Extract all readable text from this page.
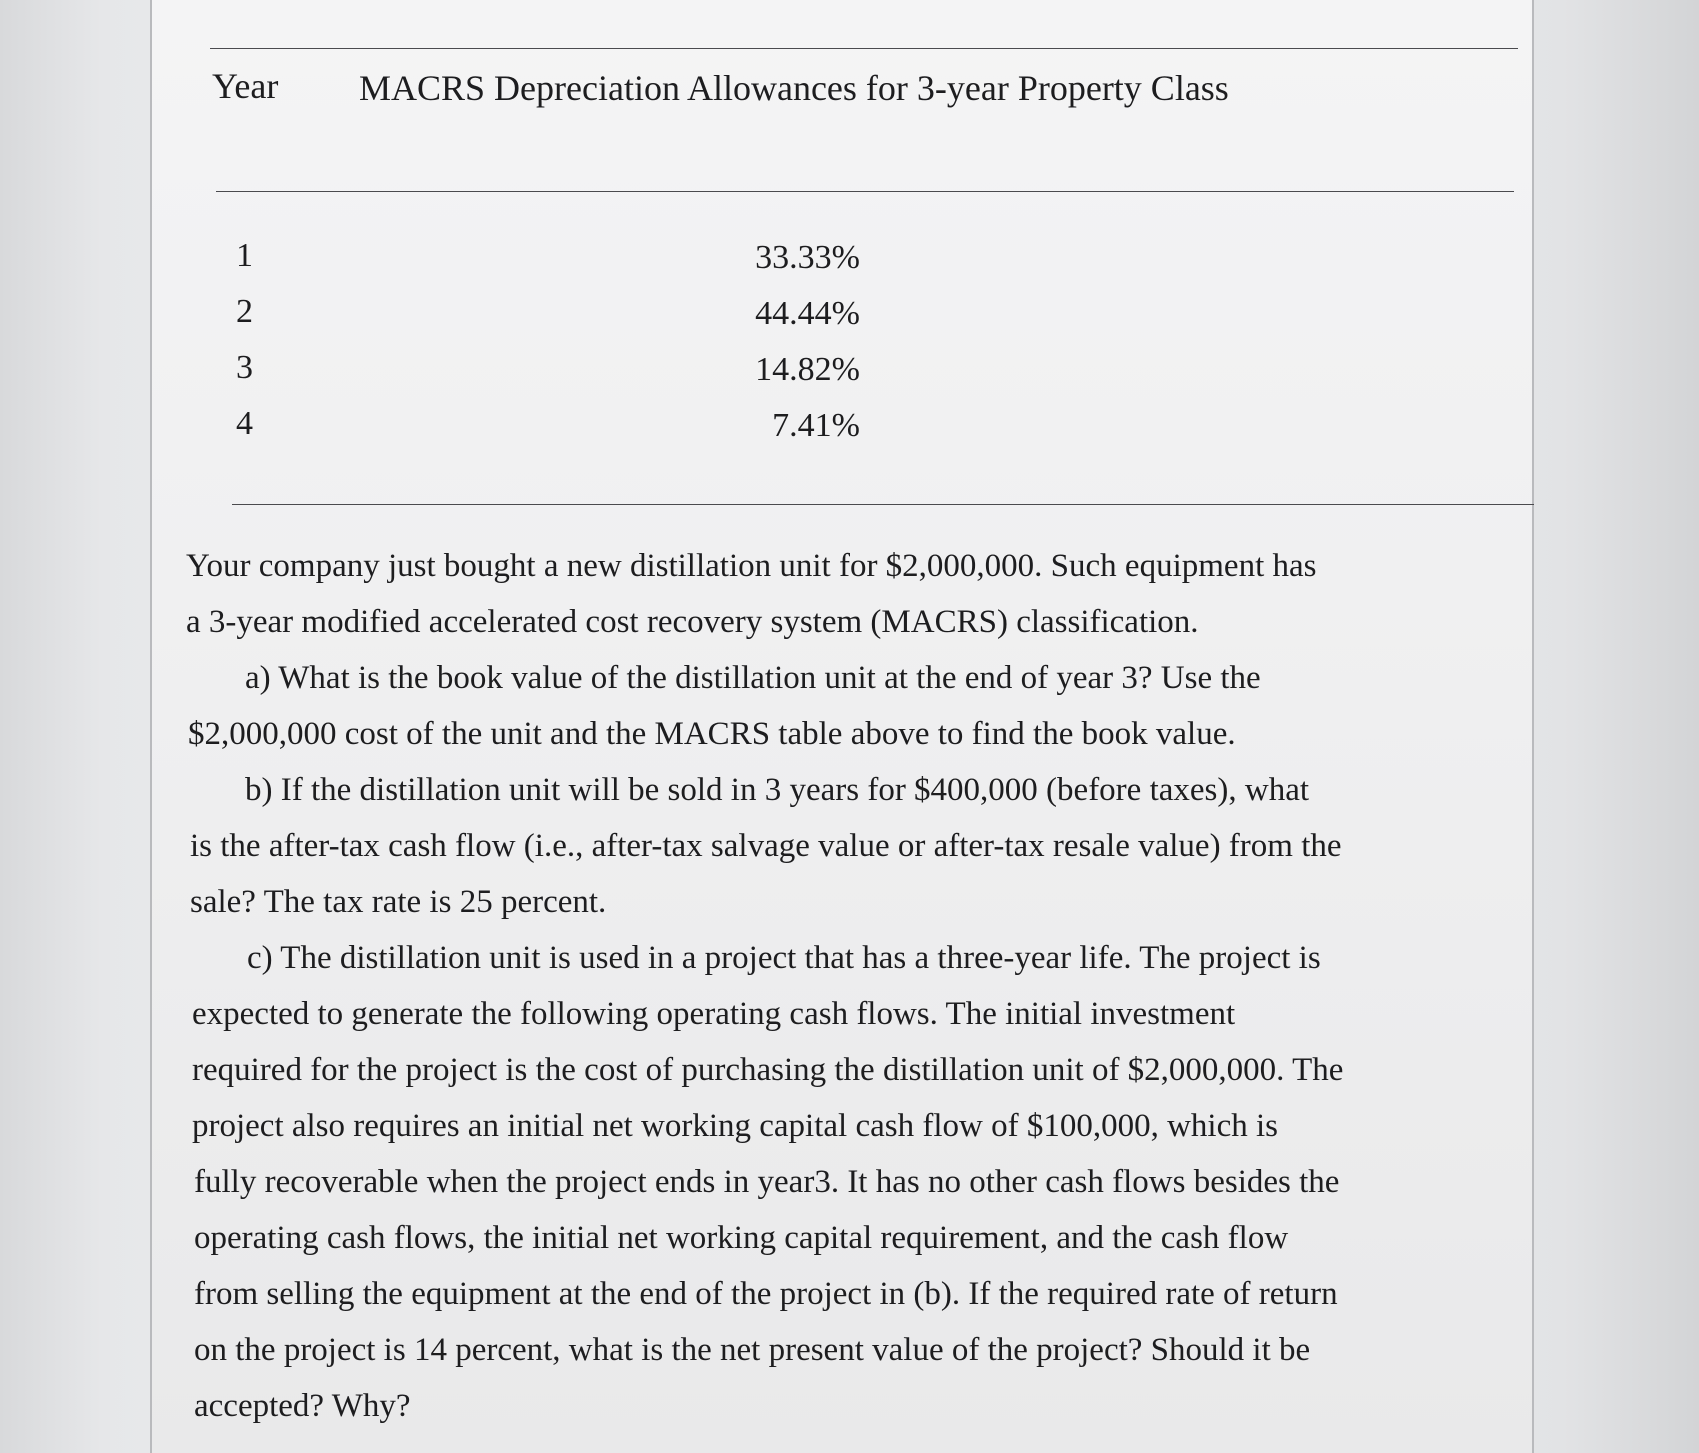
Year MACRS Depreciation Allowances for 3-year Property Class
1	33.33%
2	44.44%
3	14.82%
4	7.41%
Your company just bought a new distillation unit for $2,000,000. Such equipment has
a 3-year modified accelerated cost recovery system (MACRS) classification.
a) What is the book value of the distillation unit at the end of year 3? Use the
$2,000,000 cost of the unit and the MACRS table above to find the book value.
b) If the distillation unit will be sold in 3 years for $400,000 (before taxes), what
is the after-tax cash flow (i.e., after-tax salvage value or after-tax resale value) from the
sale? The tax rate is 25 percent.
c) The distillation unit is used in a project that has a three-year life. The project is
expected to generate the following operating cash flows. The initial investment
required for the project is the cost of purchasing the distillation unit of $2,000,000. The
project also requires an initial net working capital cash flow of $100,000, which is
fully recoverable when the project ends in year3. It has no other cash flows besides the
operating cash flows, the initial net working capital requirement, and the cash flow
from selling the equipment at the end of the project in (b). If the required rate of return
on the project is 14 percent, what is the net present value of the project? Should it be
accepted? Why?
